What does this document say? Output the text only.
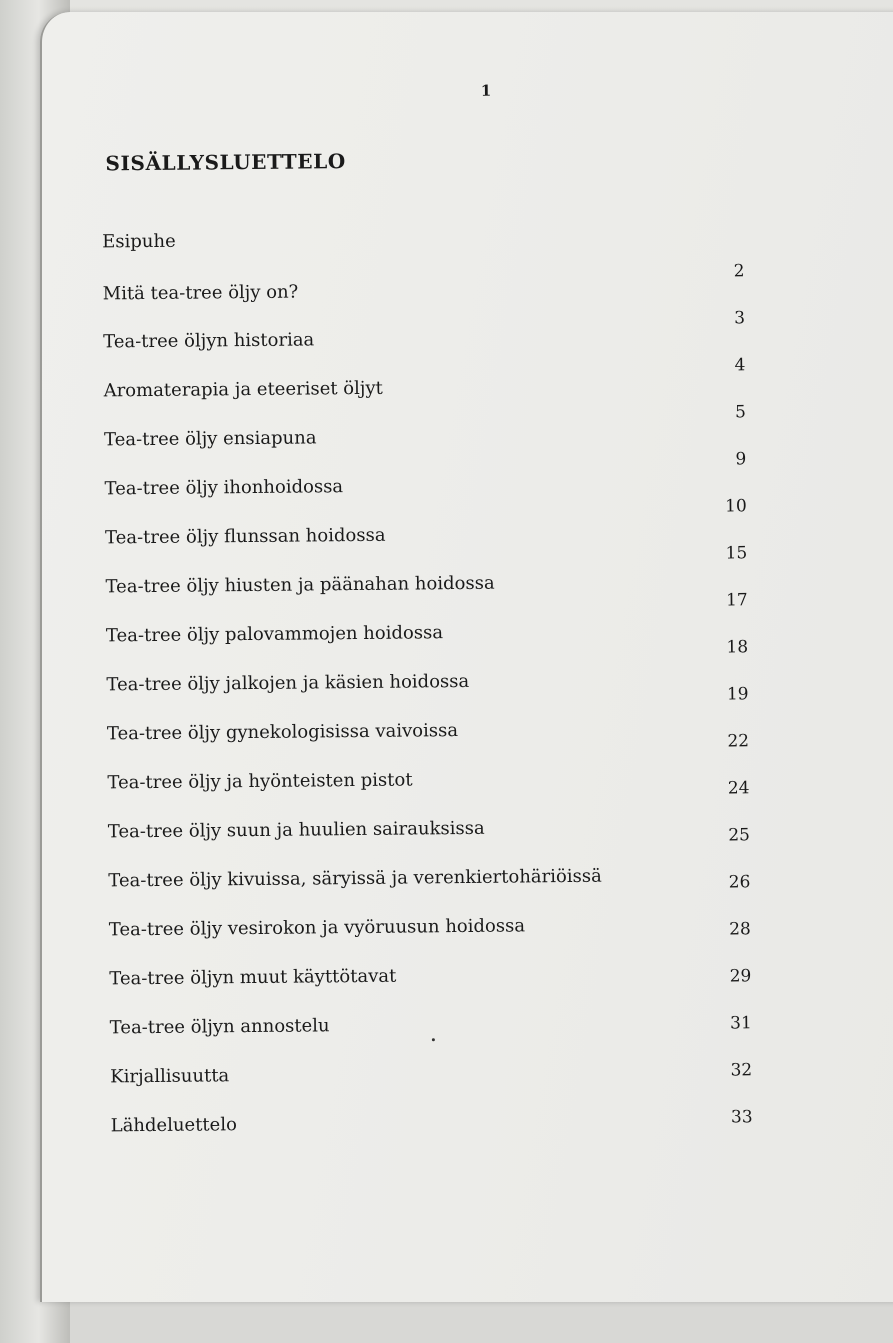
1
SISÄLLYSLUETTELO
Esipuhe
Mitä tea-tree öljy on?
2
Tea-tree öljyn historiaa
3
Aromaterapia ja eteeriset öljyt
4
Tea-tree öljy ensiapuna
5
Tea-tree öljy ihonhoidossa
9
Tea-tree öljy flunssan hoidossa
10
Tea-tree öljy hiusten ja päänahan hoidossa
15
Tea-tree öljy palovammojen hoidossa
17
Tea-tree öljy jalkojen ja käsien hoidossa
18
Tea-tree öljy gynekologisissa vaivoissa
19
Tea-tree öljy ja hyönteisten pistot
22
Tea-tree öljy suun ja huulien sairauksissa
24
Tea-tree öljy kivuissa, säryissä ja verenkiertohäriöissä
25
Tea-tree öljy vesirokon ja vyöruusun hoidossa
26
Tea-tree öljyn muut käyttötavat
28
Tea-tree öljyn annostelu
29
Kirjallisuutta
31
Lähdeluettelo
32
33
